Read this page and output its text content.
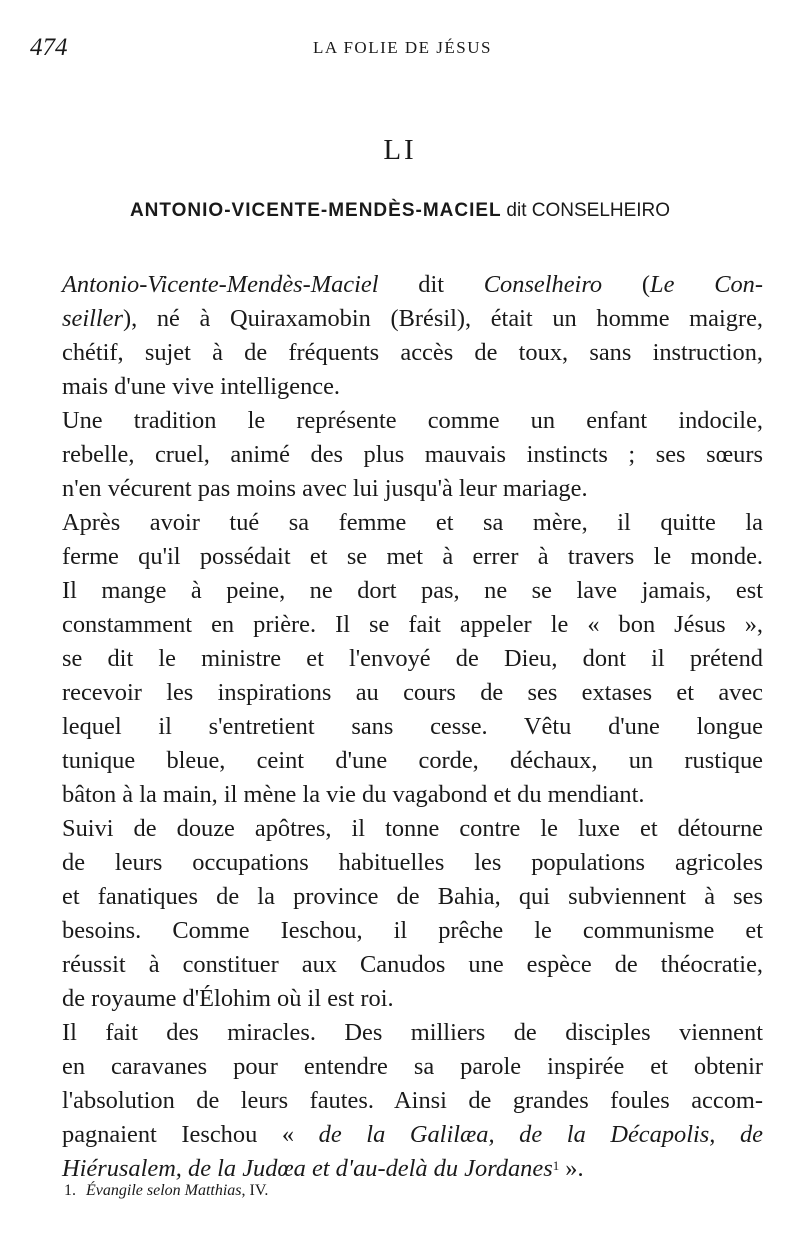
474	LA FOLIE DE JÉSUS
LI
ANTONIO-VICENTE-MENDÈS-MACIEL dit CONSELHEIRO
Antonio-Vicente-Mendès-Maciel dit Conselheiro (Le Con-
seiller), né à Quiraxamobin (Brésil), était un homme maigre,
chétif, sujet à de fréquents accès de toux, sans instruction,
mais d'une vive intelligence.
Une tradition le représente comme un enfant indocile,
rebelle, cruel, animé des plus mauvais instincts ; ses sœurs
n'en vécurent pas moins avec lui jusqu'à leur mariage.
Après avoir tué sa femme et sa mère, il quitte la
ferme qu'il possédait et se met à errer à travers le monde.
Il mange à peine, ne dort pas, ne se lave jamais, est
constamment en prière. Il se fait appeler le « bon Jésus »,
se dit le ministre et l'envoyé de Dieu, dont il prétend
recevoir les inspirations au cours de ses extases et avec
lequel il s'entretient sans cesse. Vêtu d'une longue
tunique bleue, ceint d'une corde, déchaux, un rustique
bâton à la main, il mène la vie du vagabond et du mendiant.
Suivi de douze apôtres, il tonne contre le luxe et détourne
de leurs occupations habituelles les populations agricoles
et fanatiques de la province de Bahia, qui subviennent à ses
besoins. Comme Ieschou, il prêche le communisme et
réussit à constituer aux Canudos une espèce de théocratie,
de royaume d'Élohim où il est roi.
Il fait des miracles. Des milliers de disciples viennent
en caravanes pour entendre sa parole inspirée et obtenir
l'absolution de leurs fautes. Ainsi de grandes foules accom-
pagnaient Ieschou « de la Galilæa, de la Décapolis, de
Hiérusalem, de la Judœa et d'au-delà du Jordanes$^1$ ».
1. Évangile selon Matthias, IV.
